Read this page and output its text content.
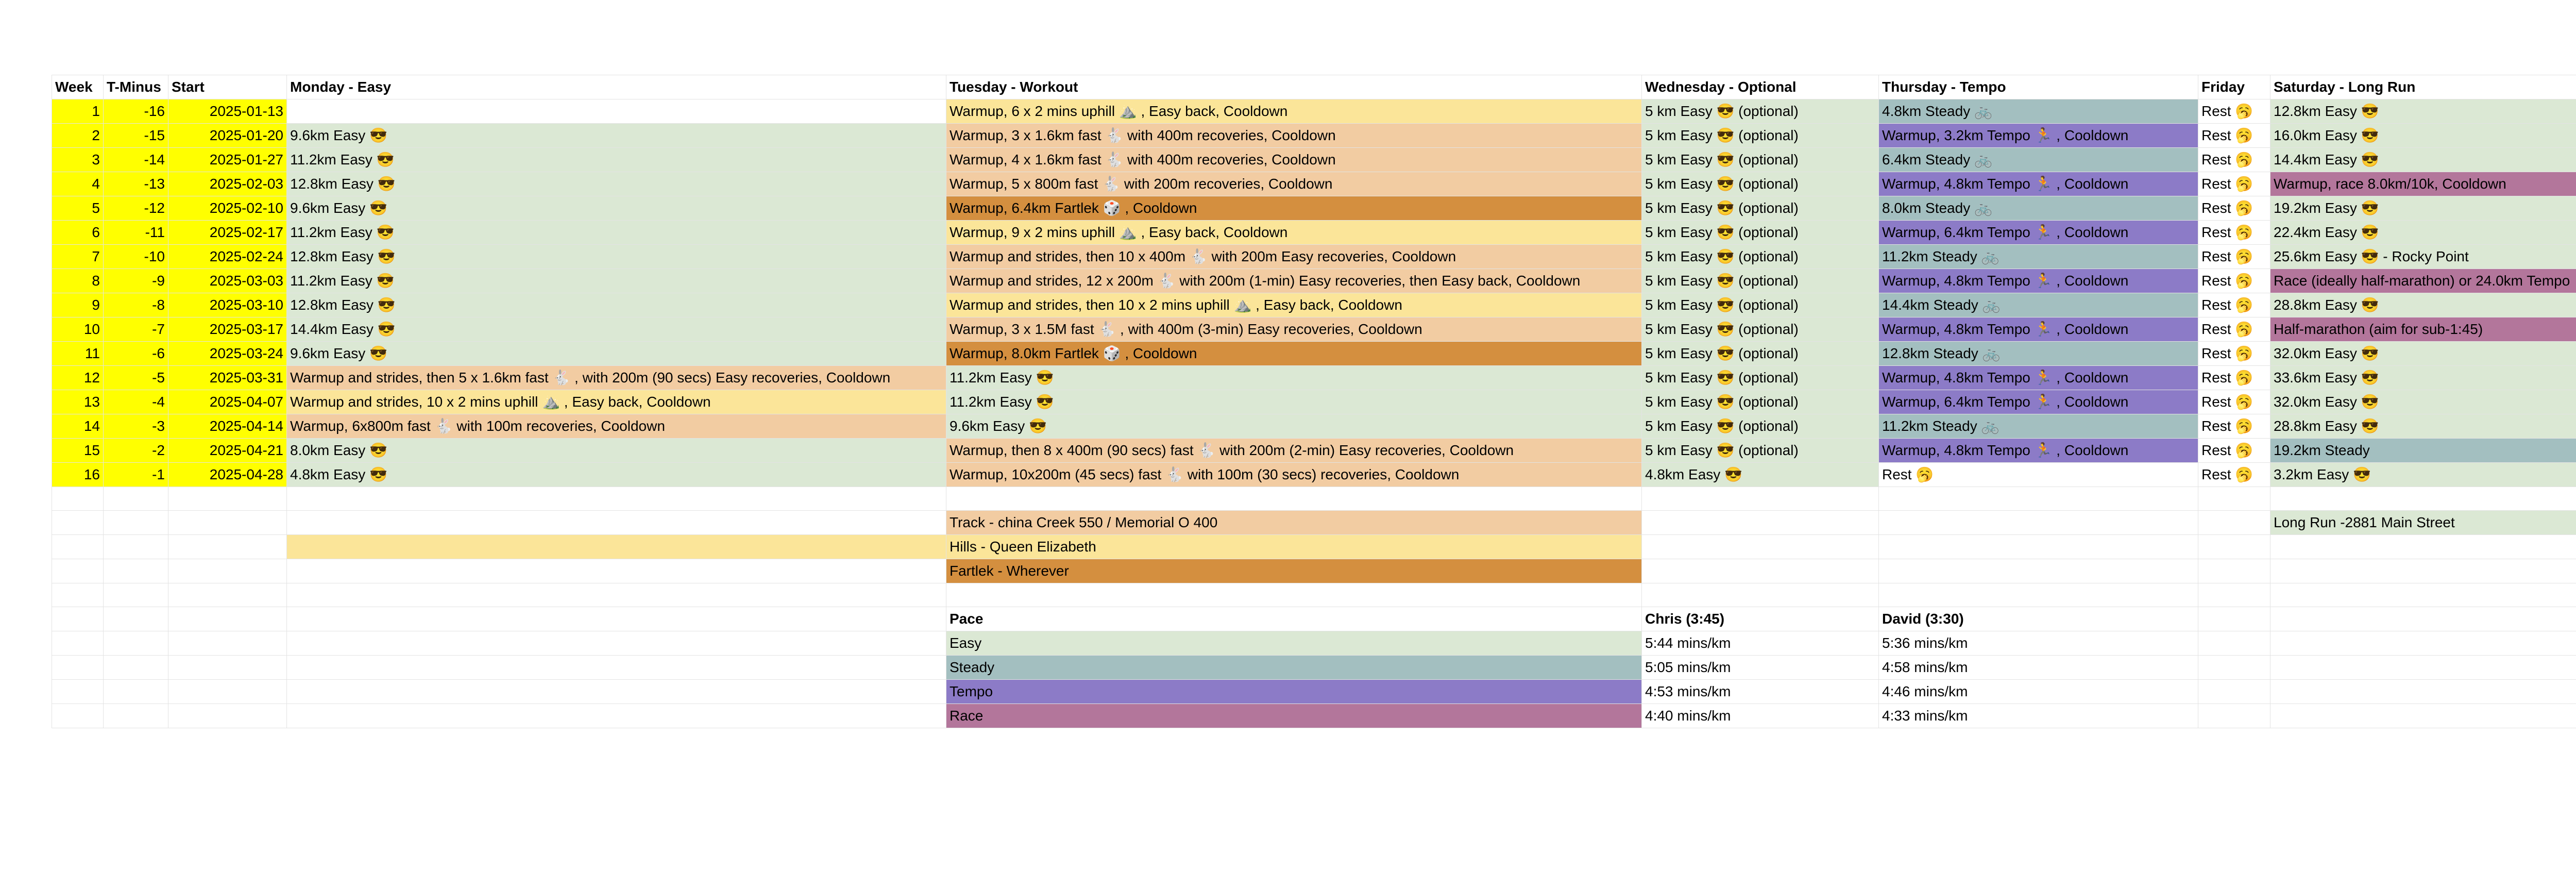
Week	T-Minus	Start	Monday - Easy	Tuesday - Workout	Wednesday - Optional	Thursday - Tempo	Friday	Saturday - Long Run	
1	-16	2025-01-13		Warmup, 6 x 2 mins uphill ⛰️ , Easy back, Cooldown	5 km Easy 😎 (optional)	4.8km Steady 🚲	Rest 🥱	12.8km Easy 😎	
2	-15	2025-01-20	9.6km Easy 😎	Warmup, 3 x 1.6km fast 🐇 with 400m recoveries, Cooldown	5 km Easy 😎 (optional)	Warmup, 3.2km Tempo 🏃 , Cooldown	Rest 🥱	16.0km Easy 😎	
3	-14	2025-01-27	11.2km Easy 😎	Warmup, 4 x 1.6km fast 🐇 with 400m recoveries, Cooldown	5 km Easy 😎 (optional)	6.4km Steady 🚲	Rest 🥱	14.4km Easy 😎	
4	-13	2025-02-03	12.8km Easy 😎	Warmup, 5 x 800m fast 🐇 with 200m recoveries, Cooldown	5 km Easy 😎 (optional)	Warmup, 4.8km Tempo 🏃 , Cooldown	Rest 🥱	Warmup, race 8.0km/10k, Cooldown	
5	-12	2025-02-10	9.6km Easy 😎	Warmup, 6.4km Fartlek 🎲 , Cooldown	5 km Easy 😎 (optional)	8.0km Steady 🚲	Rest 🥱	19.2km Easy 😎	
6	-11	2025-02-17	11.2km Easy 😎	Warmup, 9 x 2 mins uphill ⛰️ , Easy back, Cooldown	5 km Easy 😎 (optional)	Warmup, 6.4km Tempo 🏃 , Cooldown	Rest 🥱	22.4km Easy 😎	
7	-10	2025-02-24	12.8km Easy 😎	Warmup and strides, then 10 x 400m 🐇 with 200m Easy recoveries, Cooldown	5 km Easy 😎 (optional)	11.2km Steady 🚲	Rest 🥱	25.6km Easy 😎 - Rocky Point	
8	-9	2025-03-03	11.2km Easy 😎	Warmup and strides, 12 x 200m 🐇 with 200m (1-min) Easy recoveries, then Easy back, Cooldown	5 km Easy 😎 (optional)	Warmup, 4.8km Tempo 🏃 , Cooldown	Rest 🥱	Race (ideally half-marathon) or 24.0km Tempo	
9	-8	2025-03-10	12.8km Easy 😎	Warmup and strides, then 10 x 2 mins uphill ⛰️ , Easy back, Cooldown	5 km Easy 😎 (optional)	14.4km Steady 🚲	Rest 🥱	28.8km Easy 😎	
10	-7	2025-03-17	14.4km Easy 😎	Warmup, 3 x 1.5M fast 🐇 , with 400m (3-min) Easy recoveries, Cooldown	5 km Easy 😎 (optional)	Warmup, 4.8km Tempo 🏃 , Cooldown	Rest 🥱	Half-marathon (aim for sub-1:45)	
11	-6	2025-03-24	9.6km Easy 😎	Warmup, 8.0km Fartlek 🎲 , Cooldown	5 km Easy 😎 (optional)	12.8km Steady 🚲	Rest 🥱	32.0km Easy 😎	
12	-5	2025-03-31	Warmup and strides, then 5 x 1.6km fast 🐇 , with 200m (90 secs) Easy recoveries, Cooldown	11.2km Easy 😎	5 km Easy 😎 (optional)	Warmup, 4.8km Tempo 🏃 , Cooldown	Rest 🥱	33.6km Easy 😎	
13	-4	2025-04-07	Warmup and strides, 10 x 2 mins uphill ⛰️ , Easy back, Cooldown	11.2km Easy 😎	5 km Easy 😎 (optional)	Warmup, 6.4km Tempo 🏃 , Cooldown	Rest 🥱	32.0km Easy 😎	
14	-3	2025-04-14	Warmup, 6x800m fast 🐇 with 100m recoveries, Cooldown	9.6km Easy 😎	5 km Easy 😎 (optional)	11.2km Steady 🚲	Rest 🥱	28.8km Easy 😎	
15	-2	2025-04-21	8.0km Easy 😎	Warmup, then 8 x 400m (90 secs) fast 🐇 with 200m (2-min) Easy recoveries, Cooldown	5 km Easy 😎 (optional)	Warmup, 4.8km Tempo 🏃 , Cooldown	Rest 🥱	19.2km Steady	
16	-1	2025-04-28	4.8km Easy 😎	Warmup, 10x200m (45 secs) fast 🐇 with 100m (30 secs) recoveries, Cooldown	4.8km Easy 😎	Rest 🥱	Rest 🥱	3.2km Easy 😎	

				Track - china Creek 550 / Memorial O 400				Long Run -2881 Main Street	
				Hills - Queen Elizabeth					
				Fartlek - Wherever					

				Pace	Chris (3:45)	David (3:30)			
				Easy	5:44 mins/km	5:36 mins/km			
				Steady	5:05 mins/km	4:58 mins/km			
				Tempo	4:53 mins/km	4:46 mins/km			
				Race	4:40 mins/km	4:33 mins/km			
